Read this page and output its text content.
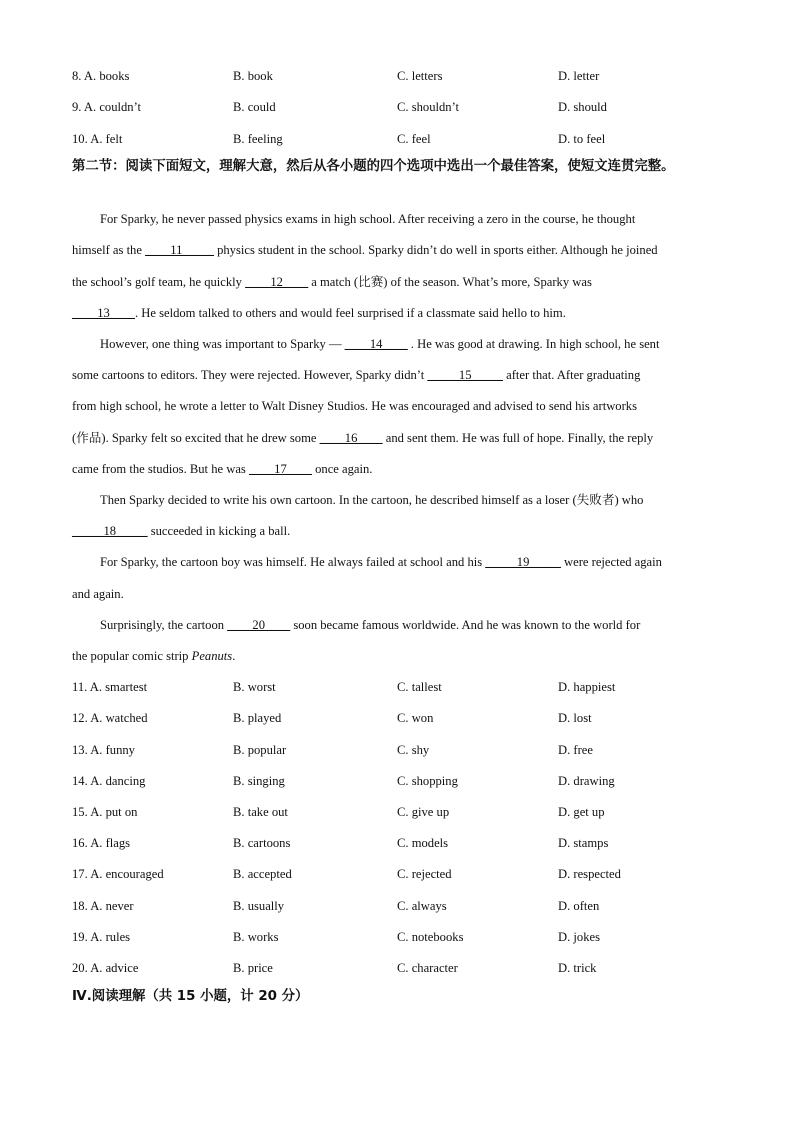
8. A. books	B. book	C. letters	D. letter
9. A. couldn’t	B. could	C. shouldn’t	D. should
10. A. felt	B. feeling	C. feel	D. to feel
第二节：阅读下面短文，理解大意，然后从各小题的四个选项中选出一个最佳答案，使短文连贯完整。
For Sparky, he never passed physics exams in high school. After receiving a zero in the course, he thought
himself as the ____11_____ physics student in the school. Sparky didn’t do well in sports either. Although he joined
the school’s golf team, he quickly ____12____ a match (比赛) of the season. What’s more, Sparky was
____13____. He seldom talked to others and would feel surprised if a classmate said hello to him.
However, one thing was important to Sparky — ____14____ . He was good at drawing. In high school, he sent
some cartoons to editors. They were rejected. However, Sparky didn’t _____15_____ after that. After graduating
from high school, he wrote a letter to Walt Disney Studios. He was encouraged and advised to send his artworks
(作品). Sparky felt so excited that he drew some ____16____ and sent them. He was full of hope. Finally, the reply
came from the studios. But he was ____17____ once again.
Then Sparky decided to write his own cartoon. In the cartoon, he described himself as a loser (失败者) who
_____18_____ succeeded in kicking a ball.
For Sparky, the cartoon boy was himself. He always failed at school and his _____19_____ were rejected again
and again.
Surprisingly, the cartoon ____20____ soon became famous worldwide. And he was known to the world for
the popular comic strip Peanuts.
11. A. smartest	B. worst	C. tallest	D. happiest
12. A. watched	B. played	C. won	D. lost
13. A. funny	B. popular	C. shy	D. free
14. A. dancing	B. singing	C. shopping	D. drawing
15. A. put on	B. take out	C. give up	D. get up
16. A. flags	B. cartoons	C. models	D. stamps
17. A. encouraged	B. accepted	C. rejected	D. respected
18. A. never	B. usually	C. always	D. often
19. A. rules	B. works	C. notebooks	D. jokes
20. A. advice	B. price	C. character	D. trick
Ⅳ.阅读理解（共 15 小题，计 20 分）
